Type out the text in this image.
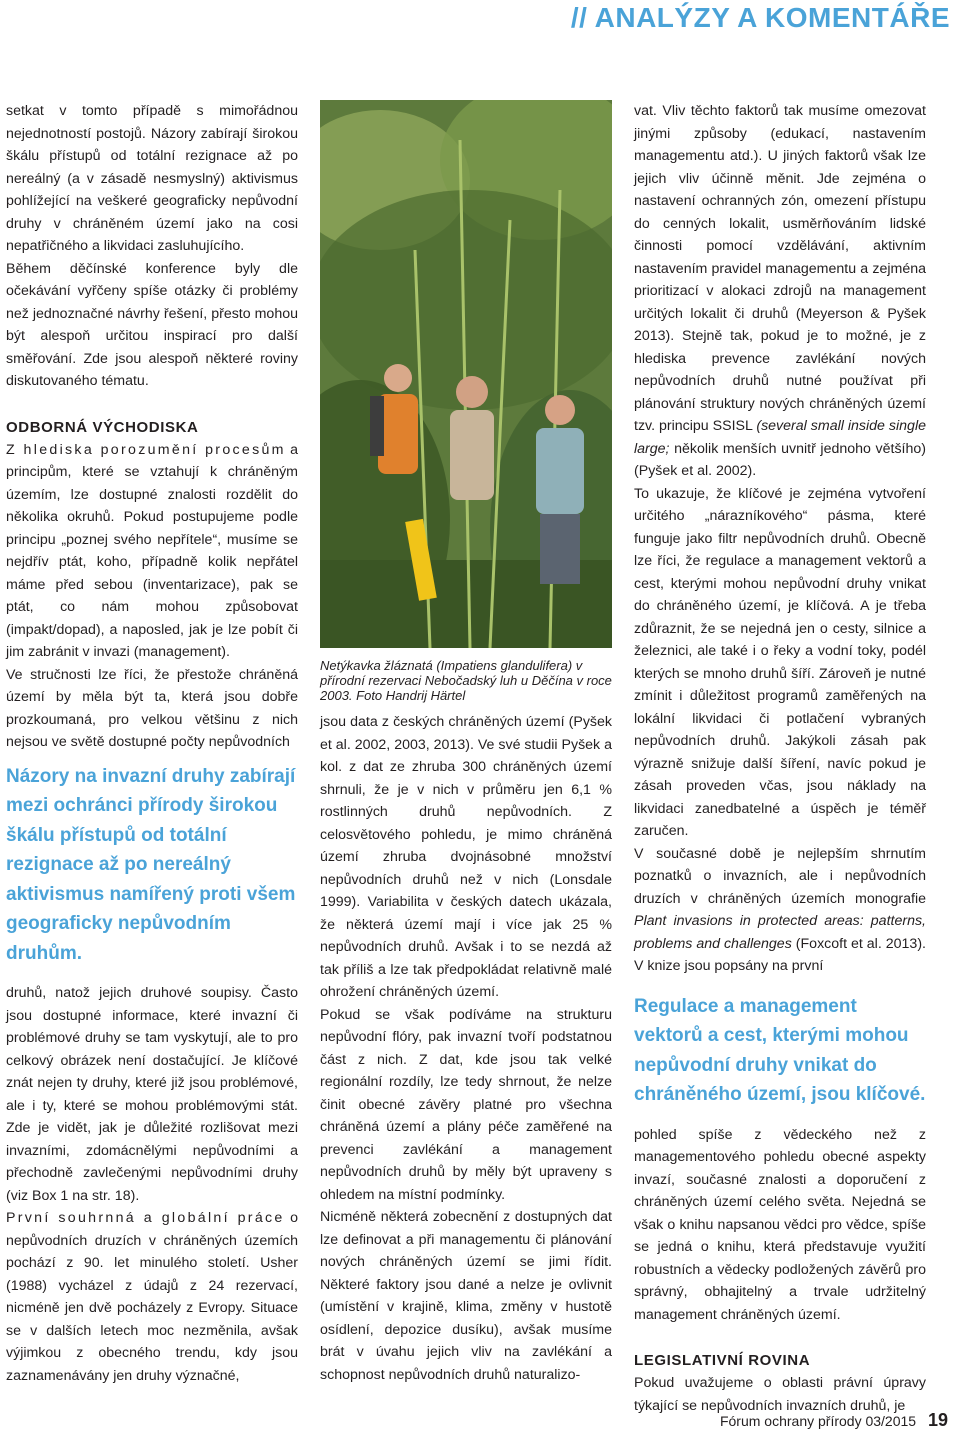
// ANALÝZY A KOMENTÁŘE

setkat v tomto případě s mimořádnou nejednotností postojů. Názory zabírají širokou škálu přístupů od totální rezignace až po nereálný (a v zásadě nesmyslný) aktivismus pohlížející na veškeré geograficky nepůvodní druhy v chráněném území jako na cosi nepatřičného a likvidaci zasluhujícího.

Během děčínské konference byly dle očekávání vyřčeny spíše otázky či problémy než jednoznačné návrhy řešení, přesto mohou být alespoň určitou inspirací pro další směřování. Zde jsou alespoň některé roviny diskutovaného tématu.

ODBORNÁ VÝCHODISKA

Z hlediska porozumění procesům a principům, které se vztahují k chráněným územím, lze dostupné znalosti rozdělit do několika okruhů. Pokud postupujeme podle principu „poznej svého nepřítele“, musíme se nejdřív ptát, koho, případně kolik nepřátel máme před sebou (inventarizace), pak se ptát, co nám mohou způsobovat (impakt/dopad), a naposled, jak je lze pobít či jim zabránit v invazi (management).

Ve stručnosti lze říci, že přestože chráněná území by měla být ta, která jsou dobře prozkoumaná, pro velkou většinu z nich nejsou ve světě dostupné počty nepůvodních

Názory na invazní druhy zabírají mezi ochránci přírody širokou škálu přístupů od totální rezignace až po nereálný aktivismus namířený proti všem geograficky nepůvodním druhům.

druhů, natož jejich druhové soupisy. Často jsou dostupné informace, které invazní či problémové druhy se tam vyskytují, ale to pro celkový obrázek není dostačující. Je klíčové znát nejen ty druhy, které již jsou problémové, ale i ty, které se mohou problémovými stát. Zde je vidět, jak je důležité rozlišovat mezi invazními, zdomácnělými nepůvodními a přechodně zavlečenými nepůvodními druhy (viz Box 1 na str. 18).

První souhrnná a globální práce o nepůvodních druzích v chráněných územích pochází z 90. let minulého století. Usher (1988) vycházel z údajů z 24 rezervací, nicméně jen dvě pocházely z Evropy. Situace se v dalších letech moc nezměnila, avšak výjimkou z obecného trendu, kdy jsou zaznamenávány jen druhy význačné,

Netýkavka žláznatá (Impatiens glandulifera) v přírodní rezervaci Nebočadský luh u Děčína v roce 2003. Foto Handrij Härtel

jsou data z českých chráněných území (Pyšek et al. 2002, 2003, 2013). Ve své studii Pyšek a kol. z dat ze zhruba 300 chráněných území shrnuli, že je v nich v průměru jen 6,1 % rostlinných druhů nepůvodních. Z celosvětového pohledu, je mimo chráněná území zhruba dvojnásobné množství nepůvodních druhů než v nich (Lonsdale 1999). Variabilita v českých datech ukázala, že některá území mají i více jak 25 % nepůvodních druhů. Avšak i to se nezdá až tak příliš a lze tak předpokládat relativně malé ohrožení chráněných území.

Pokud se však podíváme na strukturu nepůvodní flóry, pak invazní tvoří podstatnou část z nich. Z dat, kde jsou tak velké regionální rozdíly, lze tedy shrnout, že nelze činit obecné závěry platné pro všechna chráněná území a plány péče zaměřené na prevenci zavlékání a management nepůvodních druhů by měly být upraveny s ohledem na místní podmínky.

Nicméně některá zobecnění z dostupných dat lze definovat a při managementu či plánování nových chráněných území se jimi řídit. Některé faktory jsou dané a nelze je ovlivnit (umístění v krajině, klima, změny v hustotě osídlení, depozice dusíku), avšak musíme brát v úvahu jejich vliv na zavlékání a schopnost nepůvodních druhů naturalizo-

vat. Vliv těchto faktorů tak musíme omezovat jinými způsoby (edukací, nastavením managementu atd.). U jiných faktorů však lze jejich vliv účinně měnit. Jde zejména o nastavení ochranných zón, omezení přístupu do cenných lokalit, usměrňováním lidské činnosti pomocí vzdělávání, aktivním nastavením pravidel managementu a zejména prioritizací v alokaci zdrojů na management určitých lokalit či druhů (Meyerson & Pyšek 2013). Stejně tak, pokud je to možné, je z hlediska prevence zavlékání nových nepůvodních druhů nutné používat při plánování struktury nových chráněných území tzv. principu SSISL (several small inside single large; několik menších uvnitř jednoho většího) (Pyšek et al. 2002).

To ukazuje, že klíčové je zejména vytvoření určitého „nárazníkového“ pásma, které funguje jako filtr nepůvodních druhů. Obecně lze říci, že regulace a management vektorů a cest, kterými mohou nepůvodní druhy vnikat do chráněného území, je klíčová. A je třeba zdůraznit, že se nejedná jen o cesty, silnice a železnici, ale také i o řeky a vodní toky, podél kterých se mnoho druhů šíří. Zároveň je nutné zmínit i důležitost programů zaměřených na lokální likvidaci či potlačení vybraných nepůvodních druhů. Jakýkoli zásah pak výrazně snižuje další šíření, navíc pokud je zásah proveden včas, jsou náklady na likvidaci zanedbatelné a úspěch je téměř zaručen.

V současné době je nejlepším shrnutím poznatků o invazních, ale i nepůvodních druzích v chráněných územích monografie Plant invasions in protected areas: patterns, problems and challenges (Foxcoft et al. 2013). V knize jsou popsány na první

Regulace a management vektorů a cest, kterými mohou nepůvodní druhy vnikat do chráněného území, jsou klíčové.

pohled spíše z vědeckého než z managementového pohledu obecné aspekty invazí, současné znalosti a doporučení z chráněných území celého světa. Nejedná se však o knihu napsanou vědci pro vědce, spíše se jedná o knihu, která představuje využití robustních a vědecky podložených závěrů pro správný, obhajitelný a trvale udržitelný management chráněných území.

LEGISLATIVNÍ ROVINA

Pokud uvažujeme o oblasti právní úpravy týkající se nepůvodních invazních druhů, je

Fórum ochrany přírody 03/2015 19
